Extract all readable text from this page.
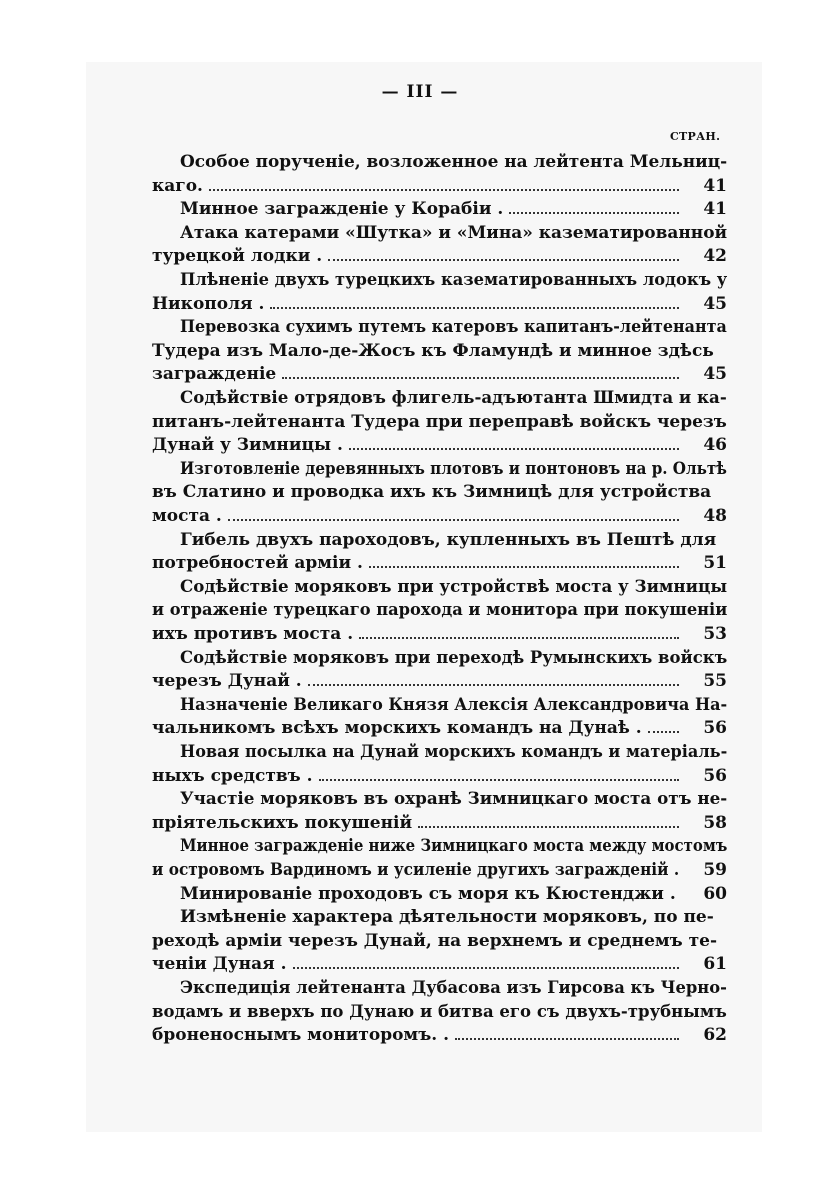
— III —
СТРАН.
Особое порученіе, возложенное на лейтента Мельниц-
каго.	41
Минное загражденіе у Корабіи .	41
Атака катерами «Шутка» и «Мина» казематированной
турецкой лодки .	42
Плѣненіе двухъ турецкихъ казематированныхъ лодокъ у
Никополя .	45
Перевозка сухимъ путемъ катеровъ капитанъ-лейтенанта
Тудера изъ Мало-де-Жосъ къ Фламундѣ и минное здѣсь
загражденіе	45
Содѣйствіе отрядовъ флигель-адъютанта Шмидта и ка-
питанъ-лейтенанта Тудера при переправѣ войскъ черезъ
Дунай у Зимницы .	46
Изготовленіе деревянныхъ плотовъ и понтоновъ на р. Ольтѣ
въ Слатино и проводка ихъ къ Зимницѣ для устройства
моста .	48
Гибель двухъ пароходовъ, купленныхъ въ Пештѣ для
потребностей арміи .	51
Содѣйствіе моряковъ при устройствѣ моста у Зимницы
и отраженіе турецкаго парохода и монитора при покушеніи
ихъ противъ моста .	53
Содѣйствіе моряковъ при переходѣ Румынскихъ войскъ
черезъ Дунай .	55
Назначеніе Великаго Князя Алексія Александровича На-
чальникомъ всѣхъ морскихъ командъ на Дунаѣ .	56
Новая посылка на Дунай морскихъ командъ и матеріаль-
ныхъ средствъ .	56
Участіе моряковъ въ охранѣ Зимницкаго моста отъ не-
пріятельскихъ покушеній	58
Минное загражденіе ниже Зимницкаго моста между мостомъ
и островомъ Вардиномъ и усиленіе другихъ загражденій .	59
Минированіе проходовъ съ моря къ Кюстенджи .	60
Измѣненіе характера дѣятельности моряковъ, по пе-
реходѣ арміи черезъ Дунай, на верхнемъ и среднемъ те-
ченіи Дуная .	61
Экспедиція лейтенанта Дубасова изъ Гирсова къ Черно-
водамъ и вверхъ по Дунаю и битва его съ двухъ-трубнымъ
броненоснымъ мониторомъ. .	62
